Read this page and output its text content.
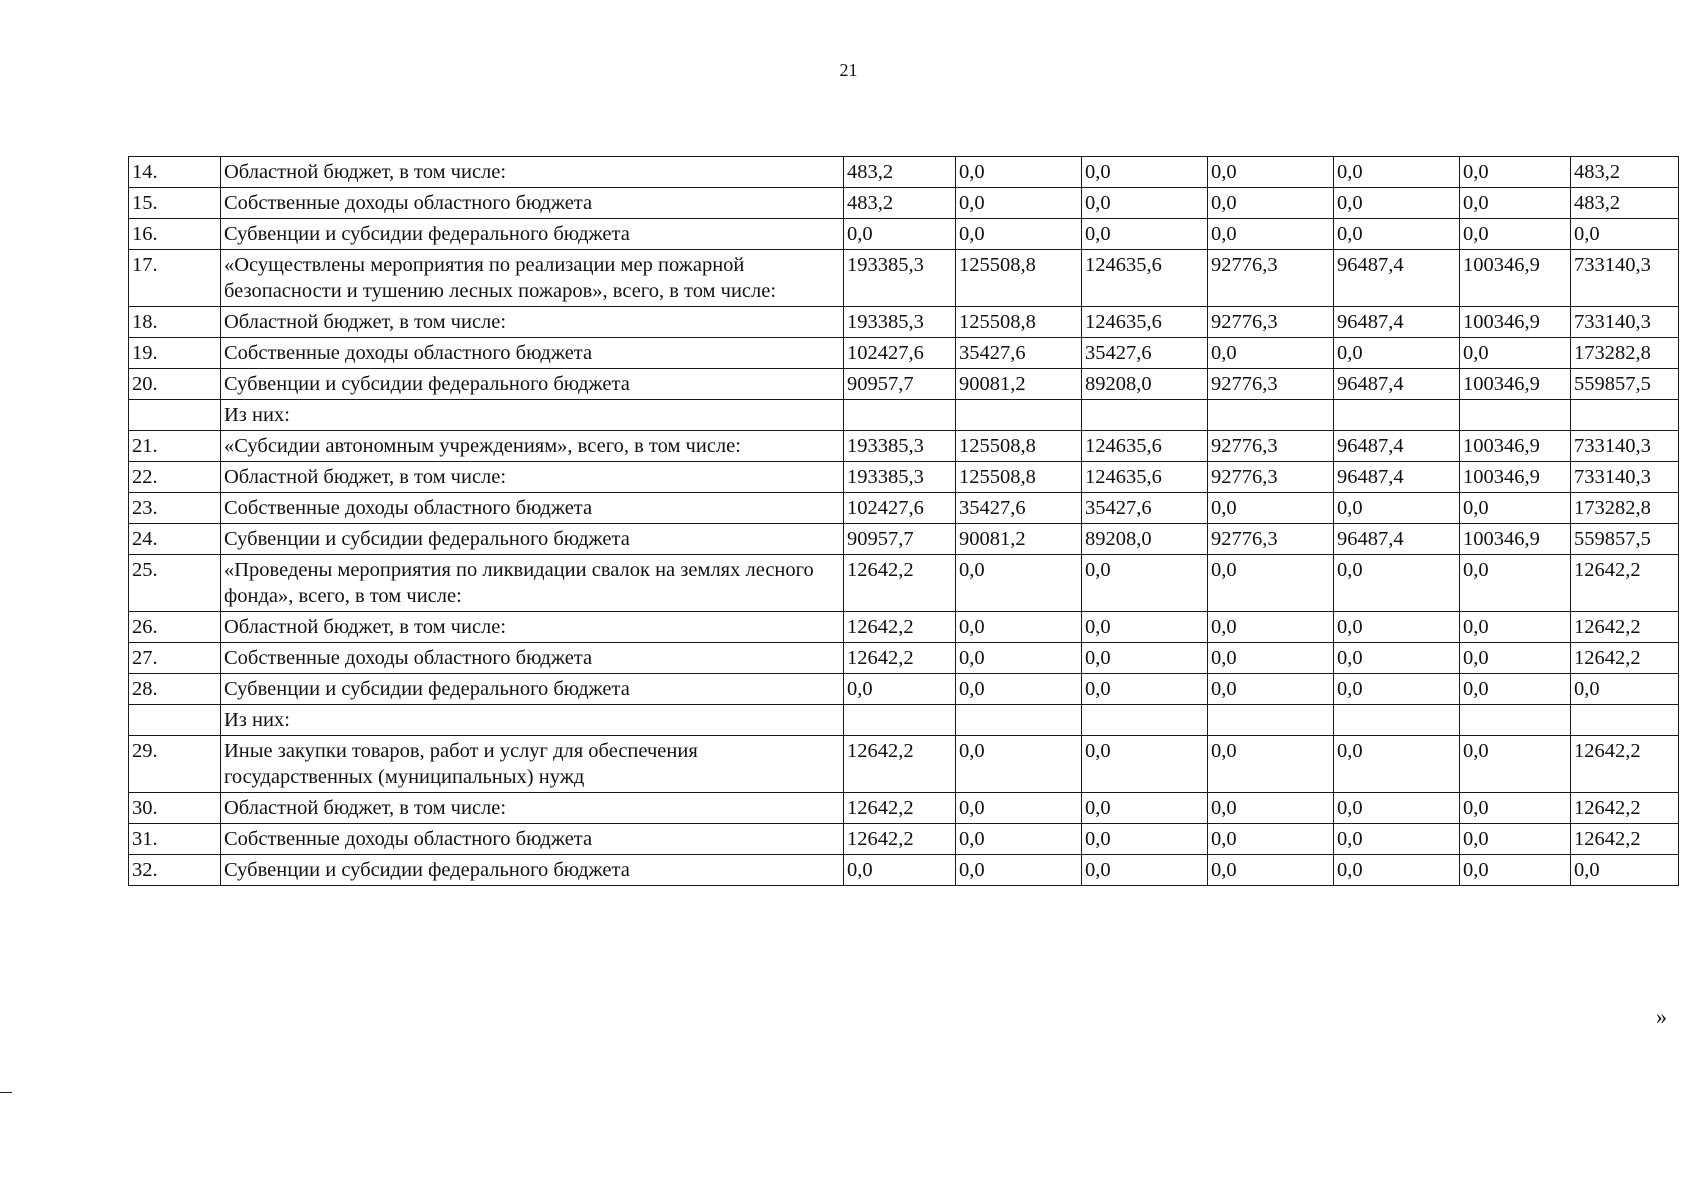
21
14.	Областной бюджет, в том числе:	483,2	0,0	0,0	0,0	0,0	0,0	483,2
15.	Собственные доходы областного бюджета	483,2	0,0	0,0	0,0	0,0	0,0	483,2
16.	Субвенции и субсидии федерального бюджета	0,0	0,0	0,0	0,0	0,0	0,0	0,0
17.	«Осуществлены мероприятия по реализации мер пожарной безопасности и тушению лесных пожаров», всего, в том числе:	193385,3	125508,8	124635,6	92776,3	96487,4	100346,9	733140,3
18.	Областной бюджет, в том числе:	193385,3	125508,8	124635,6	92776,3	96487,4	100346,9	733140,3
19.	Собственные доходы областного бюджета	102427,6	35427,6	35427,6	0,0	0,0	0,0	173282,8
20.	Субвенции и субсидии федерального бюджета	90957,7	90081,2	89208,0	92776,3	96487,4	100346,9	559857,5
	Из них:							
21.	«Субсидии автономным учреждениям», всего, в том числе:	193385,3	125508,8	124635,6	92776,3	96487,4	100346,9	733140,3
22.	Областной бюджет, в том числе:	193385,3	125508,8	124635,6	92776,3	96487,4	100346,9	733140,3
23.	Собственные доходы областного бюджета	102427,6	35427,6	35427,6	0,0	0,0	0,0	173282,8
24.	Субвенции и субсидии федерального бюджета	90957,7	90081,2	89208,0	92776,3	96487,4	100346,9	559857,5
25.	«Проведены мероприятия по ликвидации свалок на землях лесного фонда», всего, в том числе:	12642,2	0,0	0,0	0,0	0,0	0,0	12642,2
26.	Областной бюджет, в том числе:	12642,2	0,0	0,0	0,0	0,0	0,0	12642,2
27.	Собственные доходы областного бюджета	12642,2	0,0	0,0	0,0	0,0	0,0	12642,2
28.	Субвенции и субсидии федерального бюджета	0,0	0,0	0,0	0,0	0,0	0,0	0,0
	Из них:							
29.	Иные закупки товаров, работ и услуг для обеспечения государственных (муниципальных) нужд	12642,2	0,0	0,0	0,0	0,0	0,0	12642,2
30.	Областной бюджет, в том числе:	12642,2	0,0	0,0	0,0	0,0	0,0	12642,2
31.	Собственные доходы областного бюджета	12642,2	0,0	0,0	0,0	0,0	0,0	12642,2
32.	Субвенции и субсидии федерального бюджета	0,0	0,0	0,0	0,0	0,0	0,0	0,0
»
